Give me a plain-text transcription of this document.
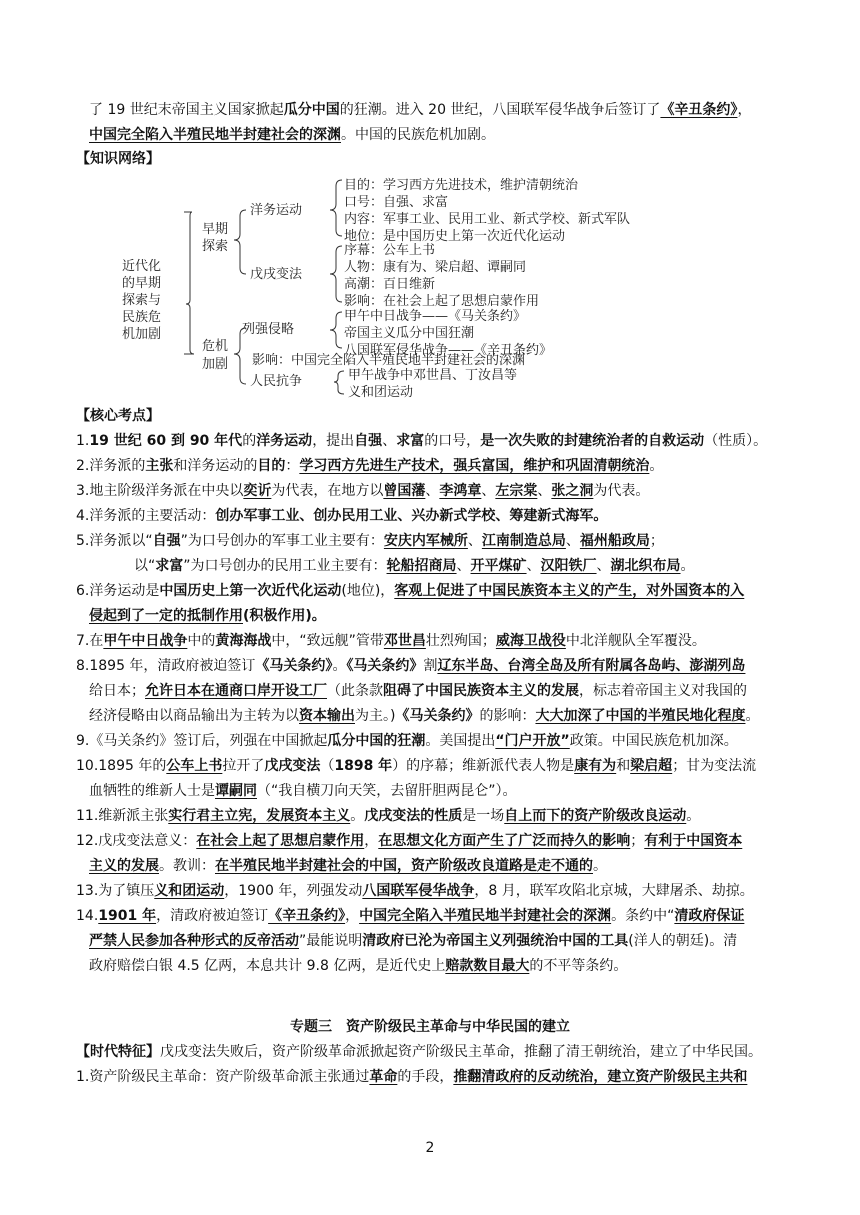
了 19 世纪末帝国主义国家掀起瓜分中国的狂潮。进入 20 世纪，八国联军侵华战争后签订了《辛丑条约》，
中国完全陷入半殖民地半封建社会的深渊。中国的民族危机加剧。
【知识网络】
近代化
的早期
探索与
民族危
机加剧
早期
探索
危机
加剧
洋务运动
戊戌变法
目的：学习西方先进技术，维护清朝统治
口号：自强、求富
内容：军事工业、民用工业、新式学校、新式军队
地位：是中国历史上第一次近代化运动
序幕：公车上书
人物：康有为、梁启超、谭嗣同
高潮：百日维新
影响：在社会上起了思想启蒙作用
列强侵略
甲午中日战争——《马关条约》
帝国主义瓜分中国狂潮
八国联军侵华战争——《辛丑条约》
影响：中国完全陷入半殖民地半封建社会的深渊
人民抗争	甲午战争中邓世昌、丁汝昌等
义和团运动
【核心考点】
1.19 世纪 60 到 90 年代的洋务运动，提出自强、求富的口号，是一次失败的封建统治者的自救运动（性质）。
2.洋务派的主张和洋务运动的目的：学习西方先进生产技术，强兵富国，维护和巩固清朝统治。
3.地主阶级洋务派在中央以奕䜣为代表，在地方以曾国藩、李鸿章、左宗棠、张之洞为代表。
4.洋务派的主要活动：创办军事工业、创办民用工业、兴办新式学校、筹建新式海军。
5.洋务派以“自强”为口号创办的军事工业主要有：安庆内军械所、江南制造总局、福州船政局；
以“求富”为口号创办的民用工业主要有：轮船招商局、开平煤矿、汉阳铁厂、湖北织布局。
6.洋务运动是中国历史上第一次近代化运动(地位)，客观上促进了中国民族资本主义的产生，对外国资本的入
侵起到了一定的抵制作用(积极作用)。
7.在甲午中日战争中的黄海海战中，“致远舰”管带邓世昌壮烈殉国；威海卫战役中北洋舰队全军覆没。
8.1895 年，清政府被迫签订《马关条约》。《马关条约》割辽东半岛、台湾全岛及所有附属各岛屿、澎湖列岛
给日本；允许日本在通商口岸开设工厂（此条款阻碍了中国民族资本主义的发展，标志着帝国主义对我国的
经济侵略由以商品输出为主转为以资本输出为主。)《马关条约》的影响：大大加深了中国的半殖民地化程度。
9.《马关条约》签订后，列强在中国掀起瓜分中国的狂潮。美国提出“门户开放”政策。中国民族危机加深。
10.1895 年的公车上书拉开了戊戌变法（1898 年）的序幕；维新派代表人物是康有为和梁启超；甘为变法流
血牺牲的维新人士是谭嗣同（“我自横刀向天笑，去留肝胆两昆仑”）。
11.维新派主张实行君主立宪，发展资本主义。戊戌变法的性质是一场自上而下的资产阶级改良运动。
12.戊戌变法意义：在社会上起了思想启蒙作用，在思想文化方面产生了广泛而持久的影响；有利于中国资本
主义的发展。教训：在半殖民地半封建社会的中国，资产阶级改良道路是走不通的。
13.为了镇压义和团运动，1900 年，列强发动八国联军侵华战争，8 月，联军攻陷北京城，大肆屠杀、劫掠。
14.1901 年，清政府被迫签订《辛丑条约》，中国完全陷入半殖民地半封建社会的深渊。条约中“清政府保证
严禁人民参加各种形式的反帝活动”最能说明清政府已沦为帝国主义列强统治中国的工具(洋人的朝廷)。清
政府赔偿白银 4.5 亿两，本息共计 9.8 亿两，是近代史上赔款数目最大的不平等条约。
专题三　资产阶级民主革命与中华民国的建立
【时代特征】戊戌变法失败后，资产阶级革命派掀起资产阶级民主革命，推翻了清王朝统治，建立了中华民国。
1.资产阶级民主革命：资产阶级革命派主张通过革命的手段，推翻清政府的反动统治，建立资产阶级民主共和
2
